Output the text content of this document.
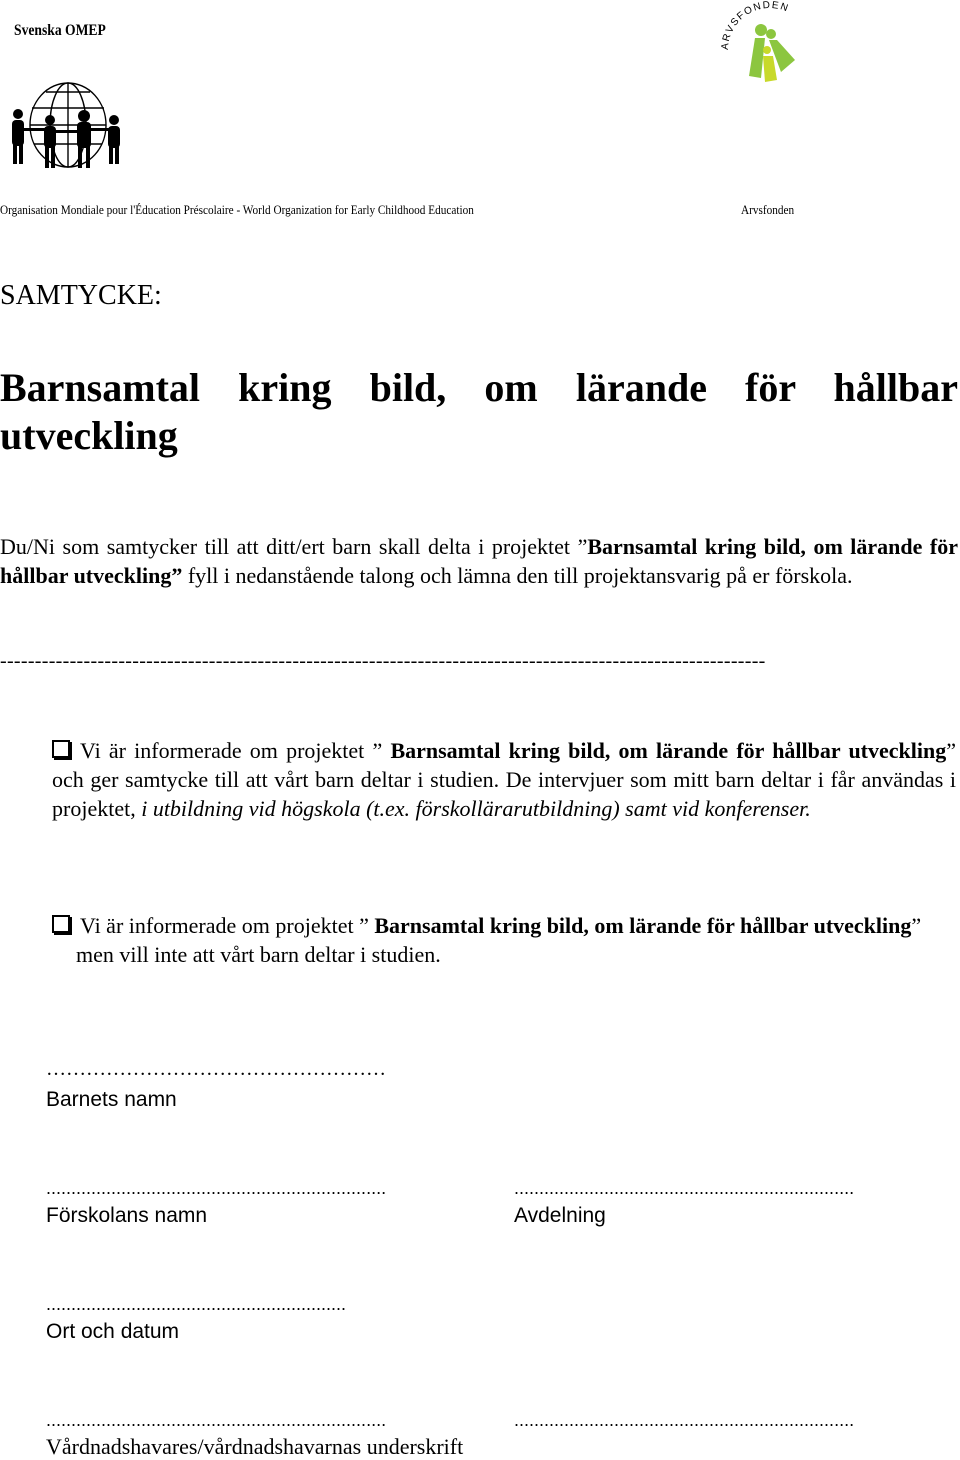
Svenska OMEP
ARVSFONDEN
Organisation Mondiale pour l'Éducation Préscolaire - World Organization for Early Childhood Education	Arvsfonden
SAMTYCKE:
Barnsamtal kring bild, om lärande för hållbar utveckling
Du/Ni som samtycker till att ditt/ert barn skall delta i projektet ”Barnsamtal kring bild, om lärande för hållbar utveckling” fyll i nedanstående talong och lämna den till projektansvarig på er förskola.
--------------------------------------------------------------------------------------------------------------
Vi är informerade om projektet ” Barnsamtal kring bild, om lärande för hållbar utveckling” och ger samtycke till att vårt barn deltar i studien. De intervjuer som mitt barn deltar i får användas i projektet, i utbildning vid högskola (t.ex. förskollärarutbildning) samt vid konferenser.
Vi är informerade om projektet ” Barnsamtal kring bild, om lärande för hållbar utveckling” men vill inte att vårt barn deltar i studien.
……………………………………………
Barnets namn
....................................................................
Förskolans namn
....................................................................
Avdelning
............................................................
Ort och datum
....................................................................	....................................................................
Vårdnadshavares/vårdnadshavarnas underskrift
